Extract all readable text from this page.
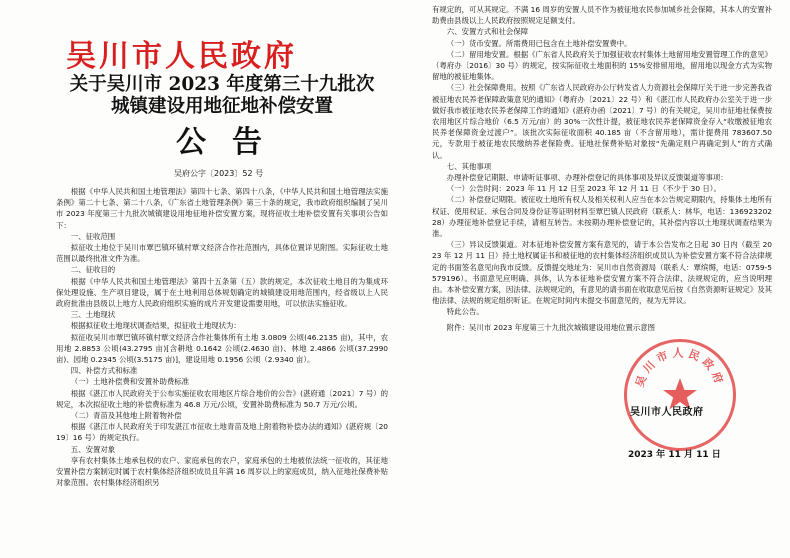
吴川市人民政府
关于吴川市 2023 年度第三十九批次
城镇建设用地征地补偿安置
公告
吴府公字〔2023〕52 号

根据《中华人民共和国土地管理法》第四十七条、第四十八条，《中华人民共和国土地管理法实施条例》第二十七条、第二十八条，《广东省土地管理条例》第三十条的规定，我市政府组织编制了吴川市 2023 年度第三十九批次城镇建设用地征地补偿安置方案，现将征收土地补偿安置有关事项公告如下：

一、征收范围

拟征收土地位于吴川市覃巴镇环镇村覃文经济合作社范围内，具体位置详见附图。实际征收土地范围以最终批准文件为准。

二、征收目的

根据《中华人民共和国土地管理法》第四十五条第（五）款的规定，本次征收土地目的为集成环保处理设施、生产项目建设，属于在土地利用总体规划确定的城镇建设用地范围内，经省级以上人民政府批准由县级以上地方人民政府组织实施的成片开发建设需要用地，可以依法实施征收。

三、土地现状

根据拟征收土地现状调查结果，拟征收土地现状为：

拟征收吴川市覃巴镇环镇村覃文经济合作社集体所有土地 3.0809 公顷(46.2135 亩)，其中，农用地 2.8853 公顷(43.2795 亩)[含耕地 0.1642 公顷(2.4630 亩)、林地 2.4866 公顷(37.2990 亩)、园地 0.2345 公顷(3.5175 亩)]，建设用地 0.1956 公顷（2.9340 亩）。

四、补偿方式和标准

（一）土地补偿费和安置补助费标准

根据《湛江市人民政府关于公布实施征收农用地区片综合地价的公告》(湛府通〔2021〕7 号）的规定，本次拟征收土地的补偿费标准为 46.8 万元/公顷，安置补助费标准为 50.7 万元/公顷。

（二）青苗及其他地上附着物补偿

根据《湛江市人民政府关于印发湛江市征收土地青苗及地上附着物补偿办法的通知》(湛府规〔2019〕16 号）的规定执行。

五、安置对象

享有农村集体土地承包权的农户、家庭承包的农户，家庭承包的土地被依法统一征收的，其征地安置补偿方案制定时属于农村集体经济组织成员且年满 16 周岁以上的家庭成员，纳入征地社保费补贴对象范围。农村集体经济组织另

有规定的，可从其规定。不满 16 周岁的安置人员不作为被征地农民参加城乡社会保障，其本人的安置补助费由县级以上人民政府按照规定足额支付。

六、安置方式和社会保障

（一）货币安置。所需费用已包含在土地补偿安置费中。

（二）留用地安置。根据《广东省人民政府关于加强征收农村集体土地留用地安置管理工作的意见》（粤府办〔2016〕30 号）的规定，按实际征收土地面积的 15%安排留用地，留用地以现金方式为实物留地的被征地集体。

（三）社会保障费用。按照《广东省人民政府办公厅转发省人力资源社会保障厅关于进一步完善我省被征地农民养老保障政策意见的通知》（粤府办〔2021〕22 号）和《湛江市人民政府办公室关于进一步做好我市被征地农民养老保障工作的通知》(湛府办函〔2021〕7 号）的有关规定，吴川市征地社保费按农用地区片综合地价（6.5 万元/亩）的 30%一次性计提，被征地农民养老保障资金存入“收缴被征地农民养老保障资金过渡户”。该批次实际征收面积 40.185 亩（不含留用地），需计提费用 783607.50 元，专款用于被征地农民缴纳养老保险费。征地社保费补贴对象按“先确定则户再确定到人”的方式确认。

七、其他事项

办理补偿登记期限、申请听证事项、办理补偿登记的具体事项及异议反馈渠道等事项：

（一）公告时间：2023 年 11 月 12 日至 2023 年 12 月 11 日（不少于 30 日）。

（二）补偿登记期限。被征收土地所有权人及相关权利人应当在本公告规定期限内，持集体土地所有权证、使用权证、承包合同及身份证等证明材料至覃巴镇人民政府（联系人：林华，电话：13692320228）办理征地补偿登记手续，请相互转告。未按期办理补偿登记的，其补偿内容以土地现状调查结果为准。

（三）异议反馈渠道。对本征地补偿安置方案有意见的，请于本公告发布之日起 30 日内（截至 2023 年 12 月 11 日）持土地权属证书和被征地的农村集体经济组织成员认为补偿安置方案不符合法律规定的书面签名意见向我市反馈。反馈提交地址为：吴川市自然资源局（联系人：覃缤缛，电话：0759-5579196）。书面意见应明确、具体，认为本征地补偿安置方案不符合法律、法规规定的，应当说明理由。本补偿安置方案，因法律、法规规定的，有意见的请书面在收取意见后按《自然资源听证规定》及其他法律、法规的规定组织听证。在规定时间内未提交书面意见的，视为无异议。

特此公告。

附件：吴川市 2023 年度第三十九批次城镇建设用地位置示意图

吴川市人民政府
吴川市人民政府
2023 年 11 月 11 日
